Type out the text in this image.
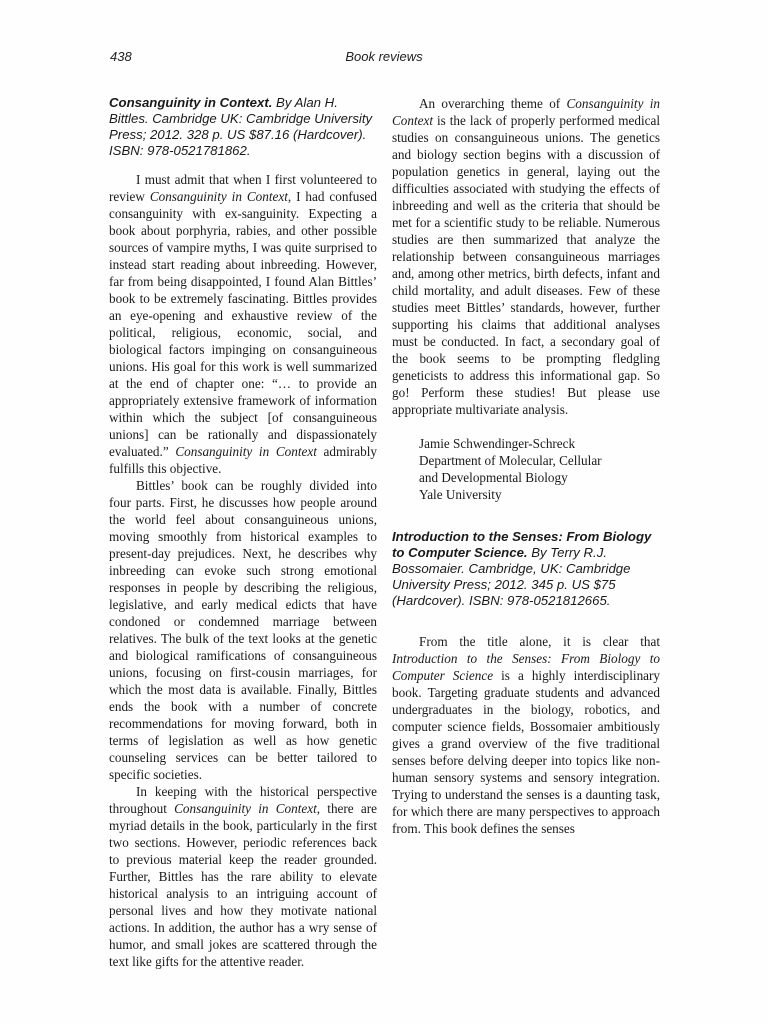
438	Book reviews

Consanguinity in Context. By Alan H. Bittles. Cambridge UK: Cambridge University Press; 2012. 328 p. US $87.16 (Hardcover). ISBN: 978-0521781862.

I must admit that when I first volunteered to review Consanguinity in Context, I had confused consanguinity with ex-sanguinity. Expecting a book about porphyria, rabies, and other possible sources of vampire myths, I was quite surprised to instead start reading about inbreeding. However, far from being disappointed, I found Alan Bittles’ book to be extremely fascinating. Bittles provides an eye-opening and exhaustive review of the political, religious, economic, social, and biological factors impinging on consanguineous unions. His goal for this work is well summarized at the end of chapter one: “… to provide an appropriately extensive framework of information within which the subject [of consanguineous unions] can be rationally and dispassionately evaluated.” Consanguinity in Context admirably fulfills this objective.

Bittles’ book can be roughly divided into four parts. First, he discusses how people around the world feel about consanguineous unions, moving smoothly from historical examples to present-day prejudices. Next, he describes why inbreeding can evoke such strong emotional responses in people by describing the religious, legislative, and early medical edicts that have condoned or condemned marriage between relatives. The bulk of the text looks at the genetic and biological ramifications of consanguineous unions, focusing on first-cousin marriages, for which the most data is available. Finally, Bittles ends the book with a number of concrete recommendations for moving forward, both in terms of legislation as well as how genetic counseling services can be better tailored to specific societies.

In keeping with the historical perspective throughout Consanguinity in Context, there are myriad details in the book, particularly in the first two sections. However, periodic references back to previous material keep the reader grounded. Further, Bittles has the rare ability to elevate historical analysis to an intriguing account of personal lives and how they motivate national actions. In addition, the author has a wry sense of humor, and small jokes are scattered through the text like gifts for the attentive reader.

An overarching theme of Consanguinity in Context is the lack of properly performed medical studies on consanguineous unions. The genetics and biology section begins with a discussion of population genetics in general, laying out the difficulties associated with studying the effects of inbreeding and well as the criteria that should be met for a scientific study to be reliable. Numerous studies are then summarized that analyze the relationship between consanguineous marriages and, among other metrics, birth defects, infant and child mortality, and adult diseases. Few of these studies meet Bittles’ standards, however, further supporting his claims that additional analyses must be conducted. In fact, a secondary goal of the book seems to be prompting fledgling geneticists to address this informational gap. So go! Perform these studies! But please use appropriate multivariate analysis.

Jamie Schwendinger-Schreck
Department of Molecular, Cellular
and Developmental Biology
Yale University

Introduction to the Senses: From Biology to Computer Science. By Terry R.J. Bossomaier. Cambridge, UK: Cambridge University Press; 2012. 345 p. US $75 (Hardcover). ISBN: 978-0521812665.

From the title alone, it is clear that Introduction to the Senses: From Biology to Computer Science is a highly interdisciplinary book. Targeting graduate students and advanced undergraduates in the biology, robotics, and computer science fields, Bossomaier ambitiously gives a grand overview of the five traditional senses before delving deeper into topics like non-human sensory systems and sensory integration. Trying to understand the senses is a daunting task, for which there are many perspectives to approach from. This book defines the senses
